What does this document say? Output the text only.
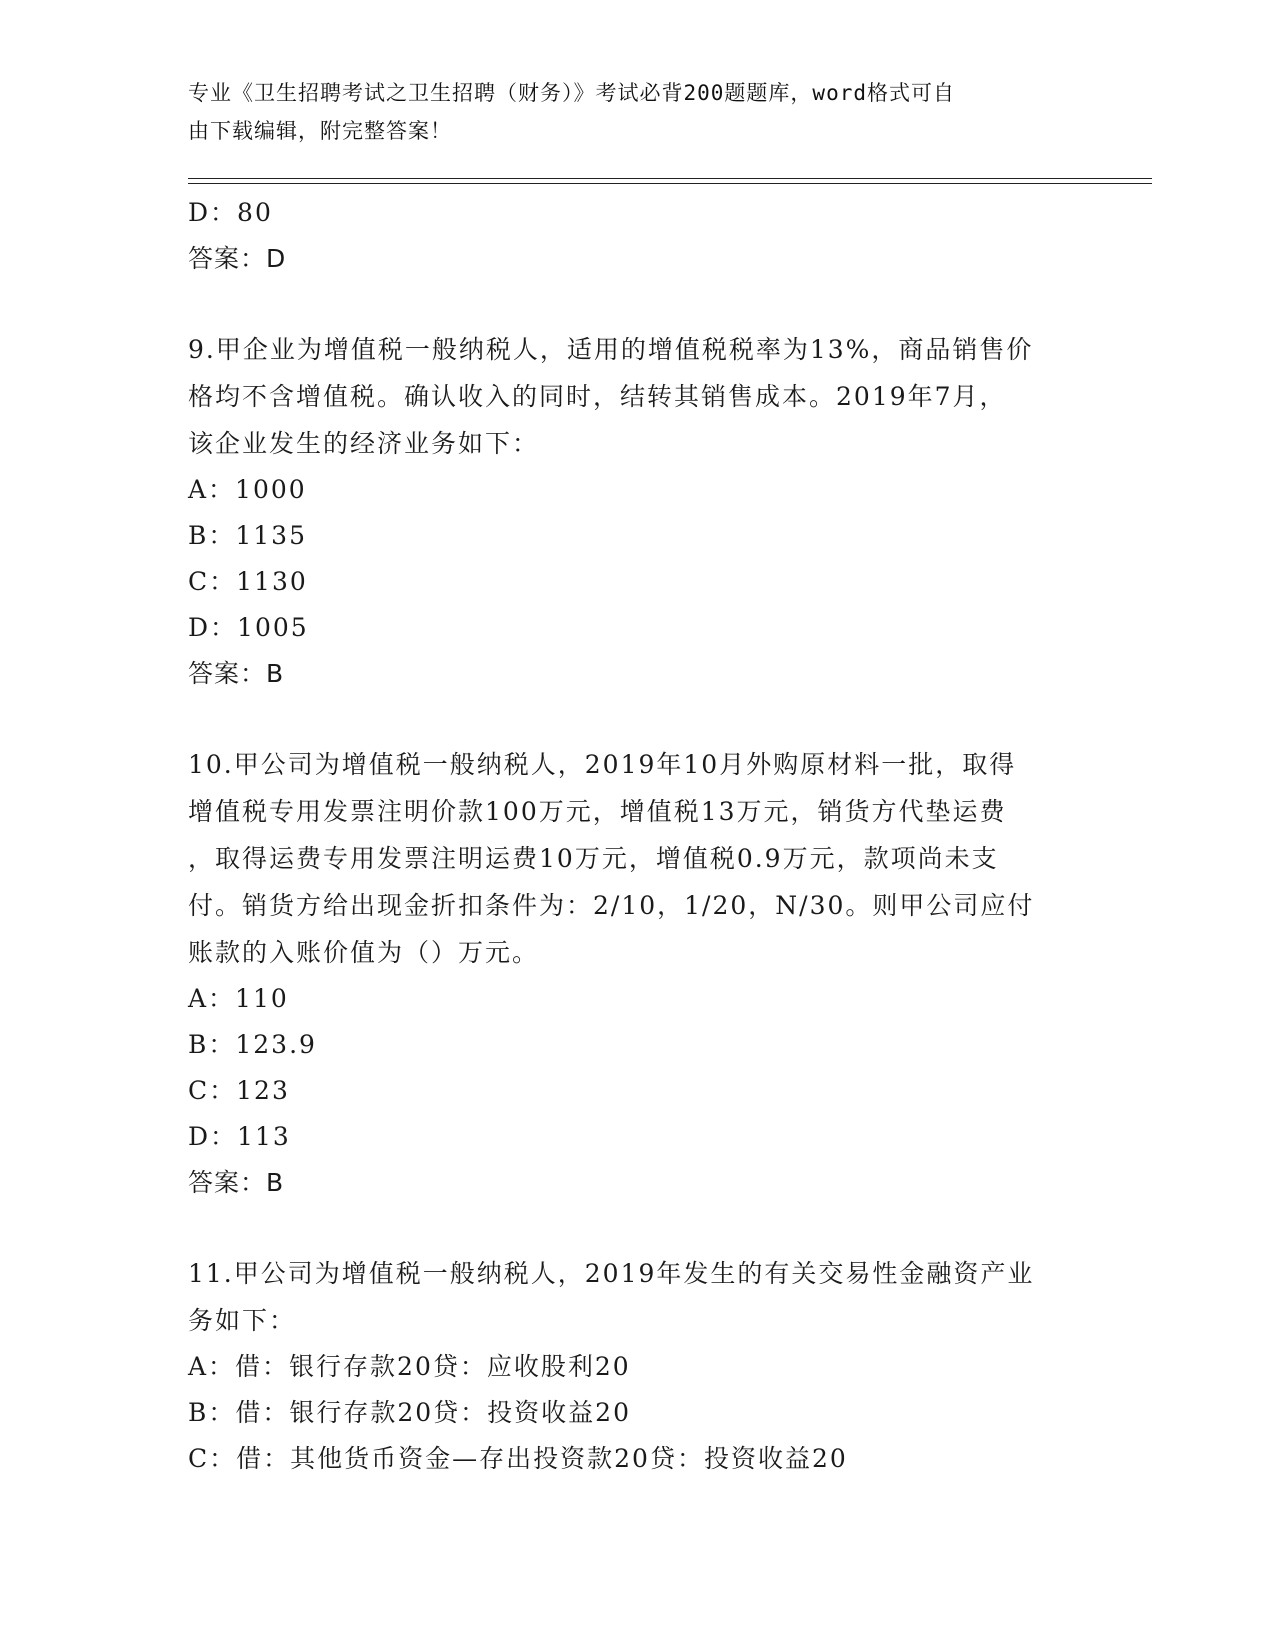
专业《卫生招聘考试之卫生招聘（财务）》考试必背200题题库，word格式可自
由下载编辑，附完整答案！
D：80
答案：D
9.甲企业为增值税一般纳税人，适用的增值税税率为13%，商品销售价
格均不含增值税。确认收入的同时，结转其销售成本。2019年7月，
该企业发生的经济业务如下：
A：1000
B：1135
C：1130
D：1005
答案：B
10.甲公司为增值税一般纳税人，2019年10月外购原材料一批，取得
增值税专用发票注明价款100万元，增值税13万元，销货方代垫运费
，取得运费专用发票注明运费10万元，增值税0.9万元，款项尚未支
付。销货方给出现金折扣条件为：2/10，1/20，N/30。则甲公司应付
账款的入账价值为（）万元。
A：110
B：123.9
C：123
D：113
答案：B
11.甲公司为增值税一般纳税人，2019年发生的有关交易性金融资产业
务如下：
A：借：银行存款20贷：应收股利20
B：借：银行存款20贷：投资收益20
C：借：其他货币资金—存出投资款20贷：投资收益20
